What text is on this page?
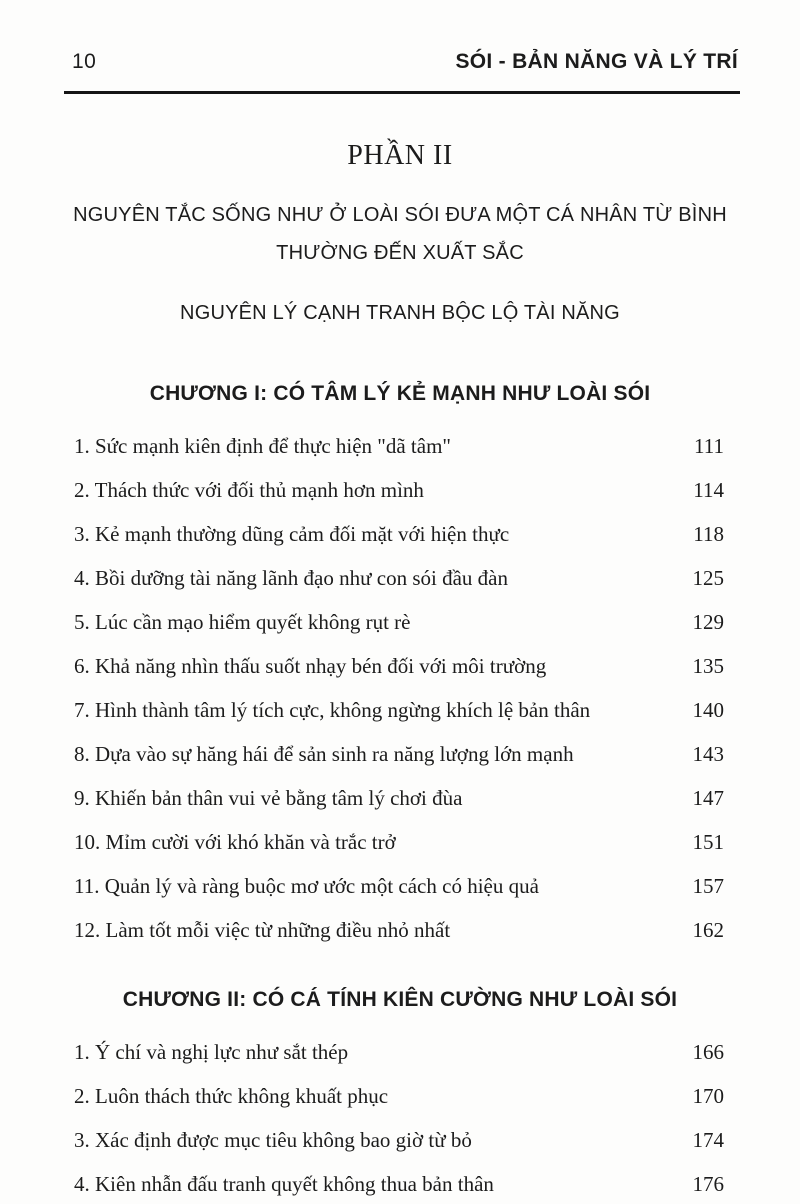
10	SÓI - BẢN NĂNG VÀ LÝ TRÍ
PHẦN II
NGUYÊN TẮC SỐNG NHƯ Ở LOÀI SÓI ĐƯA MỘT CÁ NHÂN TỪ BÌNH THƯỜNG ĐẾN XUẤT SẮC
NGUYÊN LÝ CẠNH TRANH BỘC LỘ TÀI NĂNG
CHƯƠNG I: CÓ TÂM LÝ KẺ MẠNH NHƯ LOÀI SÓI
1. Sức mạnh kiên định để thực hiện "dã tâm"	111
2. Thách thức với đối thủ mạnh hơn mình	114
3. Kẻ mạnh thường dũng cảm đối mặt với hiện thực	118
4. Bồi dưỡng tài năng lãnh đạo như con sói đầu đàn	125
5. Lúc cần mạo hiểm quyết không rụt rè	129
6. Khả năng nhìn thấu suốt nhạy bén đối với môi trường	135
7. Hình thành tâm lý tích cực, không ngừng khích lệ bản thân	140
8. Dựa vào sự hăng hái để sản sinh ra năng lượng lớn mạnh	143
9. Khiến bản thân vui vẻ bằng tâm lý chơi đùa	147
10. Mỉm cười với khó khăn và trắc trở	151
11. Quản lý và ràng buộc mơ ước một cách có hiệu quả	157
12. Làm tốt mỗi việc từ những điều nhỏ nhất	162
CHƯƠNG II: CÓ CÁ TÍNH KIÊN CƯỜNG NHƯ LOÀI SÓI
1. Ý chí và nghị lực như sắt thép	166
2. Luôn thách thức không khuất phục	170
3. Xác định được mục tiêu không bao giờ từ bỏ	174
4. Kiên nhẫn đấu tranh quyết không thua bản thân	176
